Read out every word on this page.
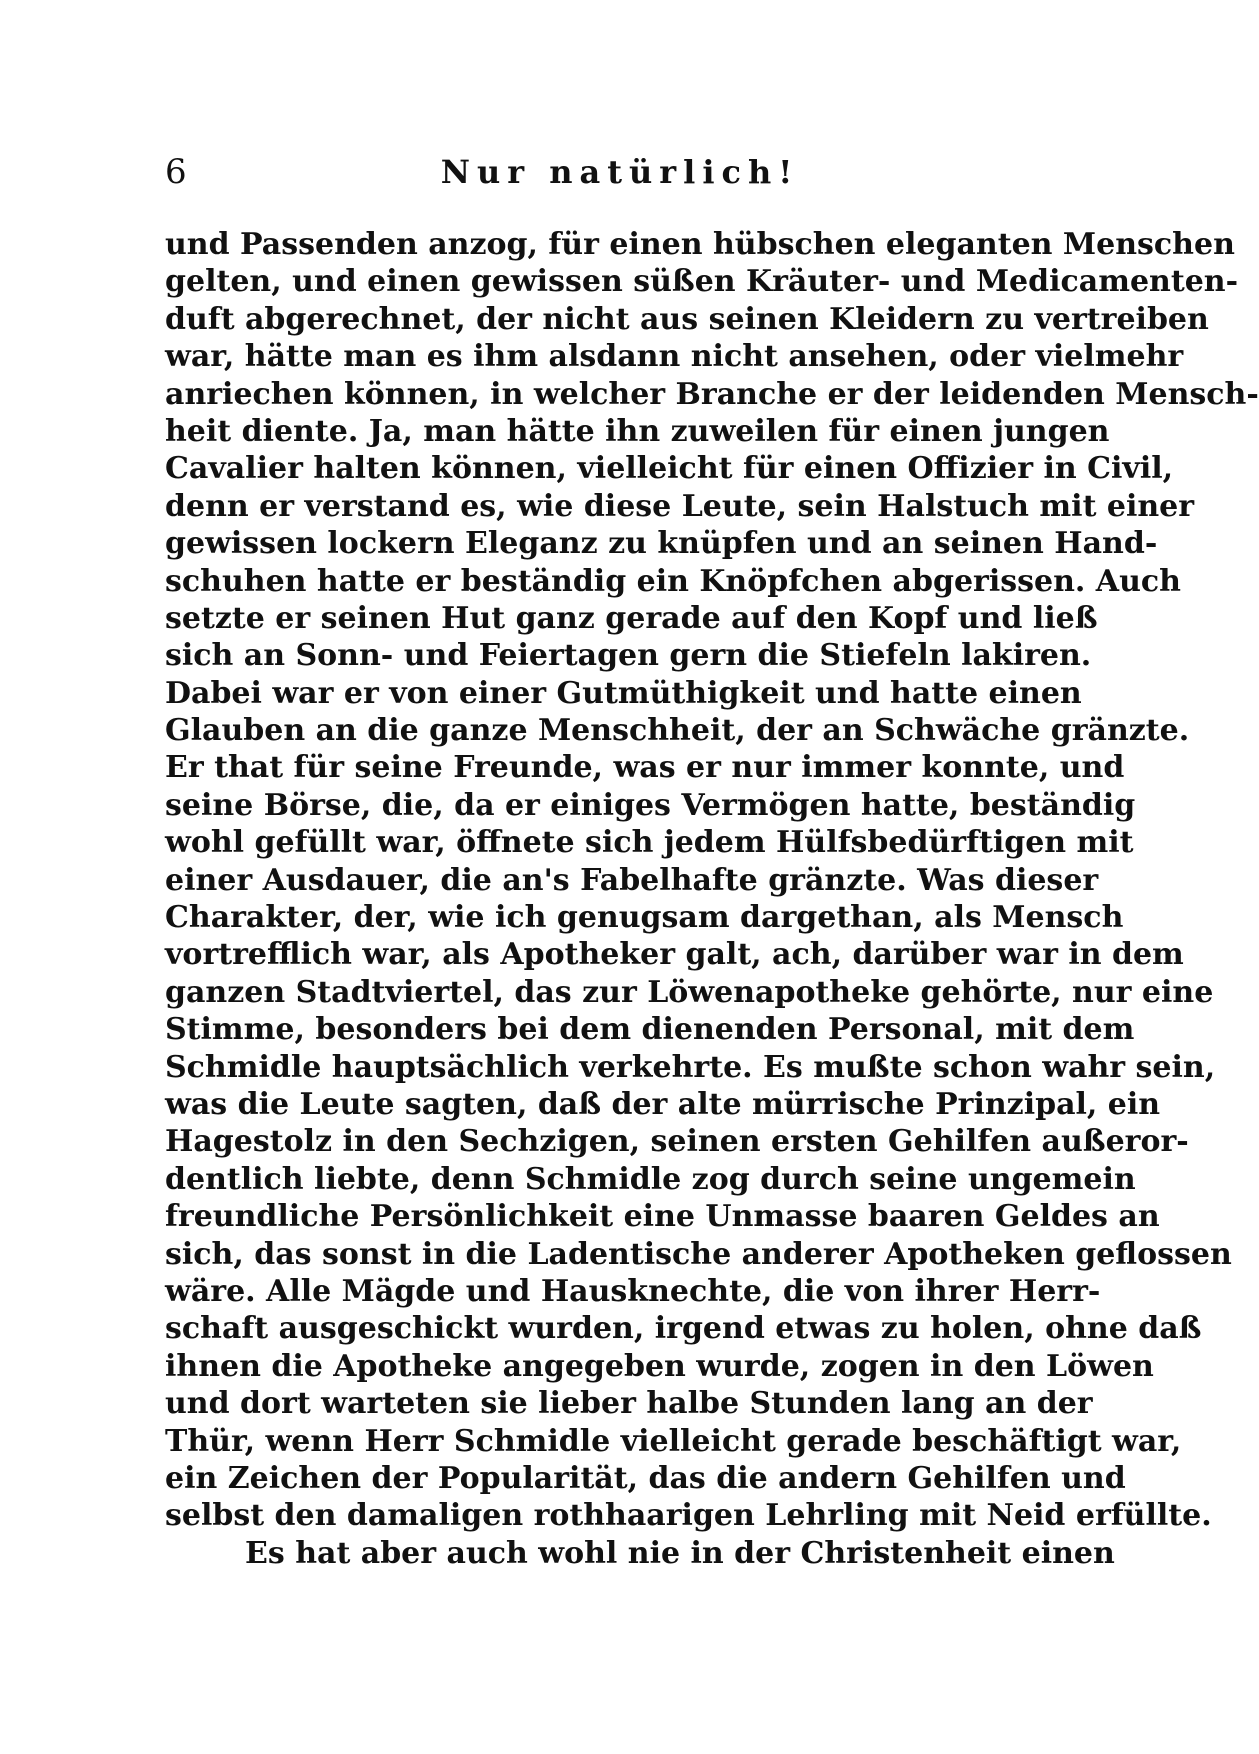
6	Nur natürlich!
und Passenden anzog, für einen hübschen eleganten Menschen
gelten, und einen gewissen süßen Kräuter- und Medicamenten-
duft abgerechnet, der nicht aus seinen Kleidern zu vertreiben
war, hätte man es ihm alsdann nicht ansehen, oder vielmehr
anriechen können, in welcher Branche er der leidenden Mensch-
heit diente. Ja, man hätte ihn zuweilen für einen jungen
Cavalier halten können, vielleicht für einen Offizier in Civil,
denn er verstand es, wie diese Leute, sein Halstuch mit einer
gewissen lockern Eleganz zu knüpfen und an seinen Hand-
schuhen hatte er beständig ein Knöpfchen abgerissen. Auch
setzte er seinen Hut ganz gerade auf den Kopf und ließ
sich an Sonn- und Feiertagen gern die Stiefeln lakiren.
Dabei war er von einer Gutmüthigkeit und hatte einen
Glauben an die ganze Menschheit, der an Schwäche gränzte.
Er that für seine Freunde, was er nur immer konnte, und
seine Börse, die, da er einiges Vermögen hatte, beständig
wohl gefüllt war, öffnete sich jedem Hülfsbedürftigen mit
einer Ausdauer, die an's Fabelhafte gränzte. Was dieser
Charakter, der, wie ich genugsam dargethan, als Mensch
vortrefflich war, als Apotheker galt, ach, darüber war in dem
ganzen Stadtviertel, das zur Löwenapotheke gehörte, nur eine
Stimme, besonders bei dem dienenden Personal, mit dem
Schmidle hauptsächlich verkehrte. Es mußte schon wahr sein,
was die Leute sagten, daß der alte mürrische Prinzipal, ein
Hagestolz in den Sechzigen, seinen ersten Gehilfen außeror-
dentlich liebte, denn Schmidle zog durch seine ungemein
freundliche Persönlichkeit eine Unmasse baaren Geldes an
sich, das sonst in die Ladentische anderer Apotheken geflossen
wäre. Alle Mägde und Hausknechte, die von ihrer Herr-
schaft ausgeschickt wurden, irgend etwas zu holen, ohne daß
ihnen die Apotheke angegeben wurde, zogen in den Löwen
und dort warteten sie lieber halbe Stunden lang an der
Thür, wenn Herr Schmidle vielleicht gerade beschäftigt war,
ein Zeichen der Popularität, das die andern Gehilfen und
selbst den damaligen rothhaarigen Lehrling mit Neid erfüllte.
Es hat aber auch wohl nie in der Christenheit einen
